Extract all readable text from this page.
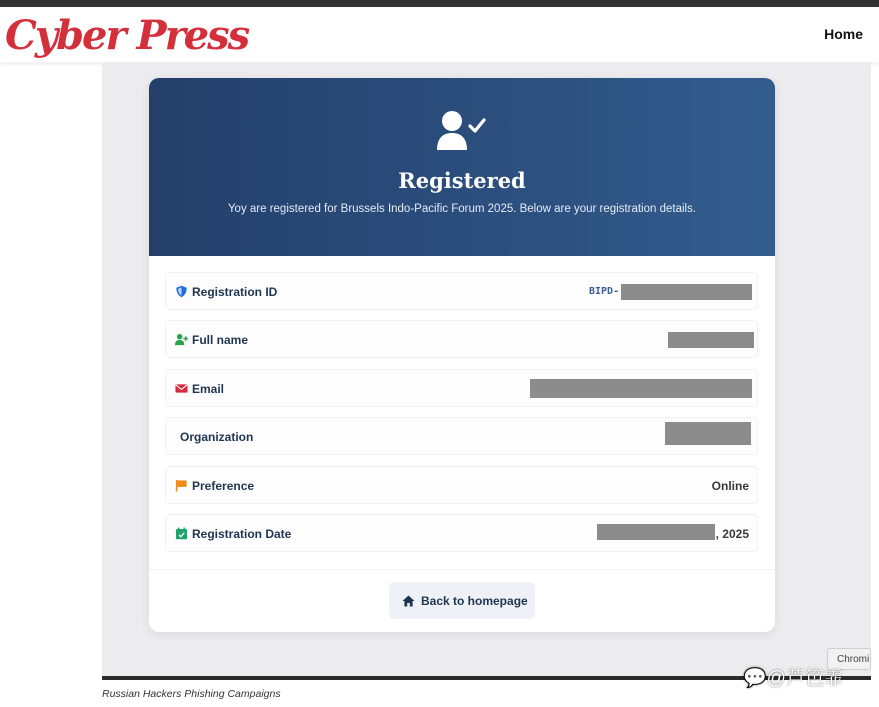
Cyber Press	Home
Registered
Yoy are registered for Brussels Indo-Pacific Forum 2025. Below are your registration details.
Registration ID	BIPD-
Full name
Email
Organization
Preference	Online
Registration Date	, 2025
Back to homepage
Chromi
Russian Hackers Phishing Campaigns
💬@芦笆霏
